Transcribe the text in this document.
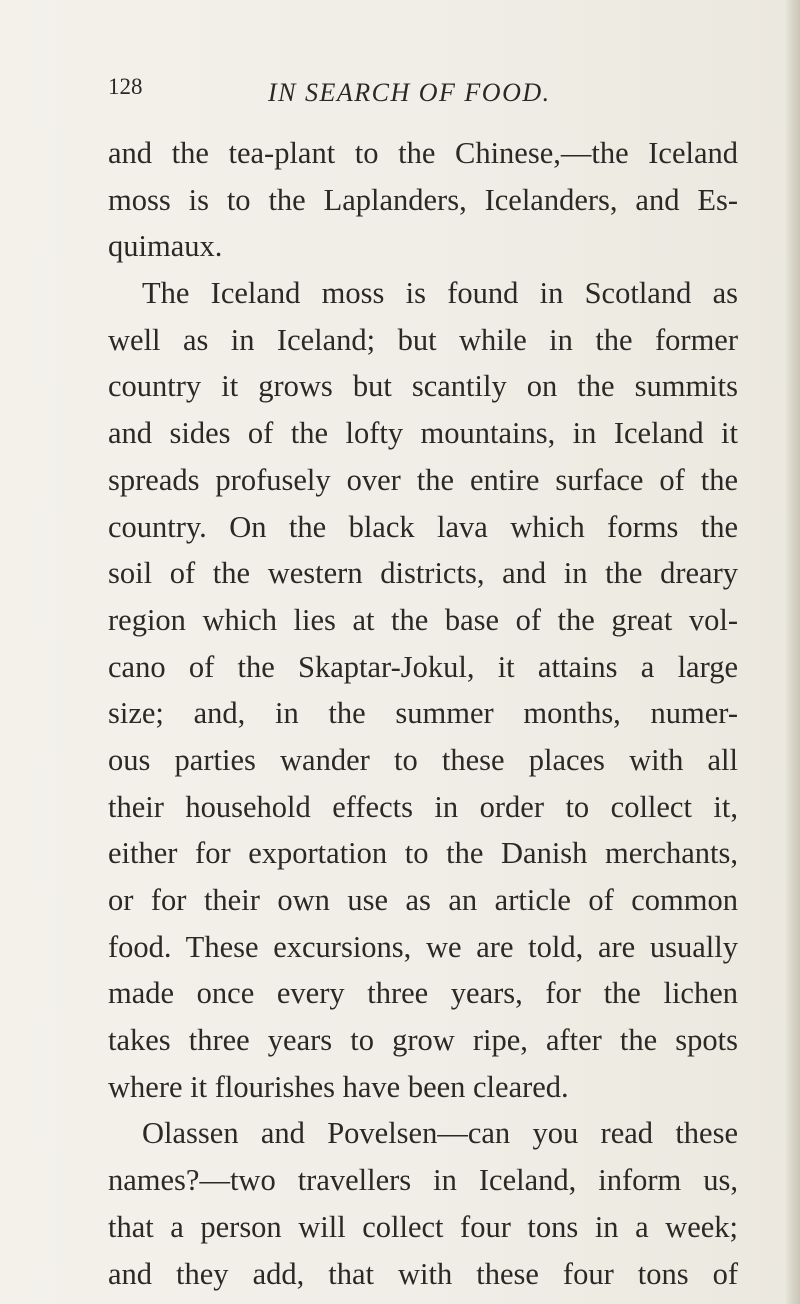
128	IN SEARCH OF FOOD.
and the tea-plant to the Chinese,—the Iceland
moss is to the Laplanders, Icelanders, and Es-
quimaux.
The Iceland moss is found in Scotland as
well as in Iceland; but while in the former
country it grows but scantily on the summits
and sides of the lofty mountains, in Iceland it
spreads profusely over the entire surface of the
country. On the black lava which forms the
soil of the western districts, and in the dreary
region which lies at the base of the great vol-
cano of the Skaptar-Jokul, it attains a large
size; and, in the summer months, numer-
ous parties wander to these places with all
their household effects in order to collect it,
either for exportation to the Danish merchants,
or for their own use as an article of common
food. These excursions, we are told, are usually
made once every three years, for the lichen
takes three years to grow ripe, after the spots
where it flourishes have been cleared.
Olassen and Povelsen—can you read these
names?—two travellers in Iceland, inform us,
that a person will collect four tons in a week;
and they add, that with these four tons of
